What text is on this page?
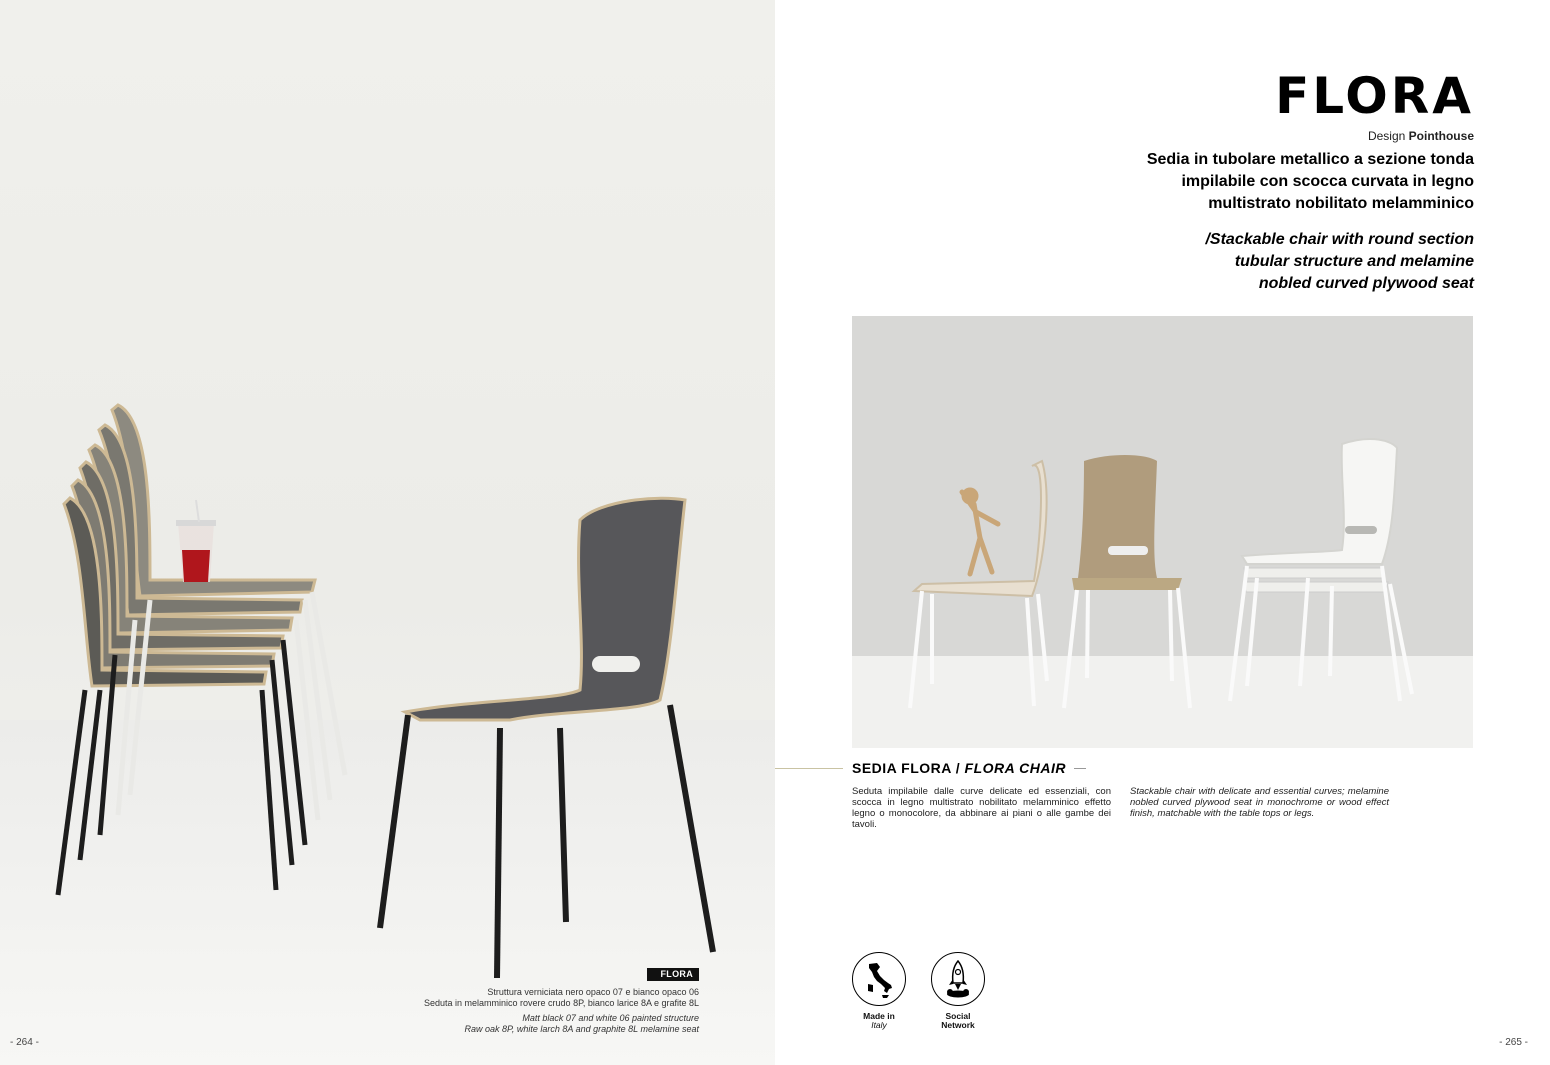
FLORA
Struttura verniciata nero opaco 07 e bianco opaco 06
Seduta in melamminico rovere crudo 8P, bianco larice 8A e grafite 8L
Matt black 07 and white 06 painted structure
Raw oak 8P, white larch 8A and graphite 8L melamine seat
- 264 -
FLORA
Design Pointhouse
Sedia in tubolare metallico a sezione tonda
impilabile con scocca curvata in legno
multistrato nobilitato melamminico
/Stackable chair with round section
tubular structure and melamine
nobled curved plywood seat
SEDIA FLORA / FLORA CHAIR
Seduta impilabile dalle curve delicate ed essenziali, con scocca in legno multistrato nobilitato melamminico effetto legno o monocolore, da abbinare ai piani o alle gambe dei tavoli.
Stackable chair with delicate and essential curves; melamine nobled curved plywood seat in monochrome or wood effect finish, matchable with the table tops or legs.
Made in
Italy
Social
Network
- 265 -
